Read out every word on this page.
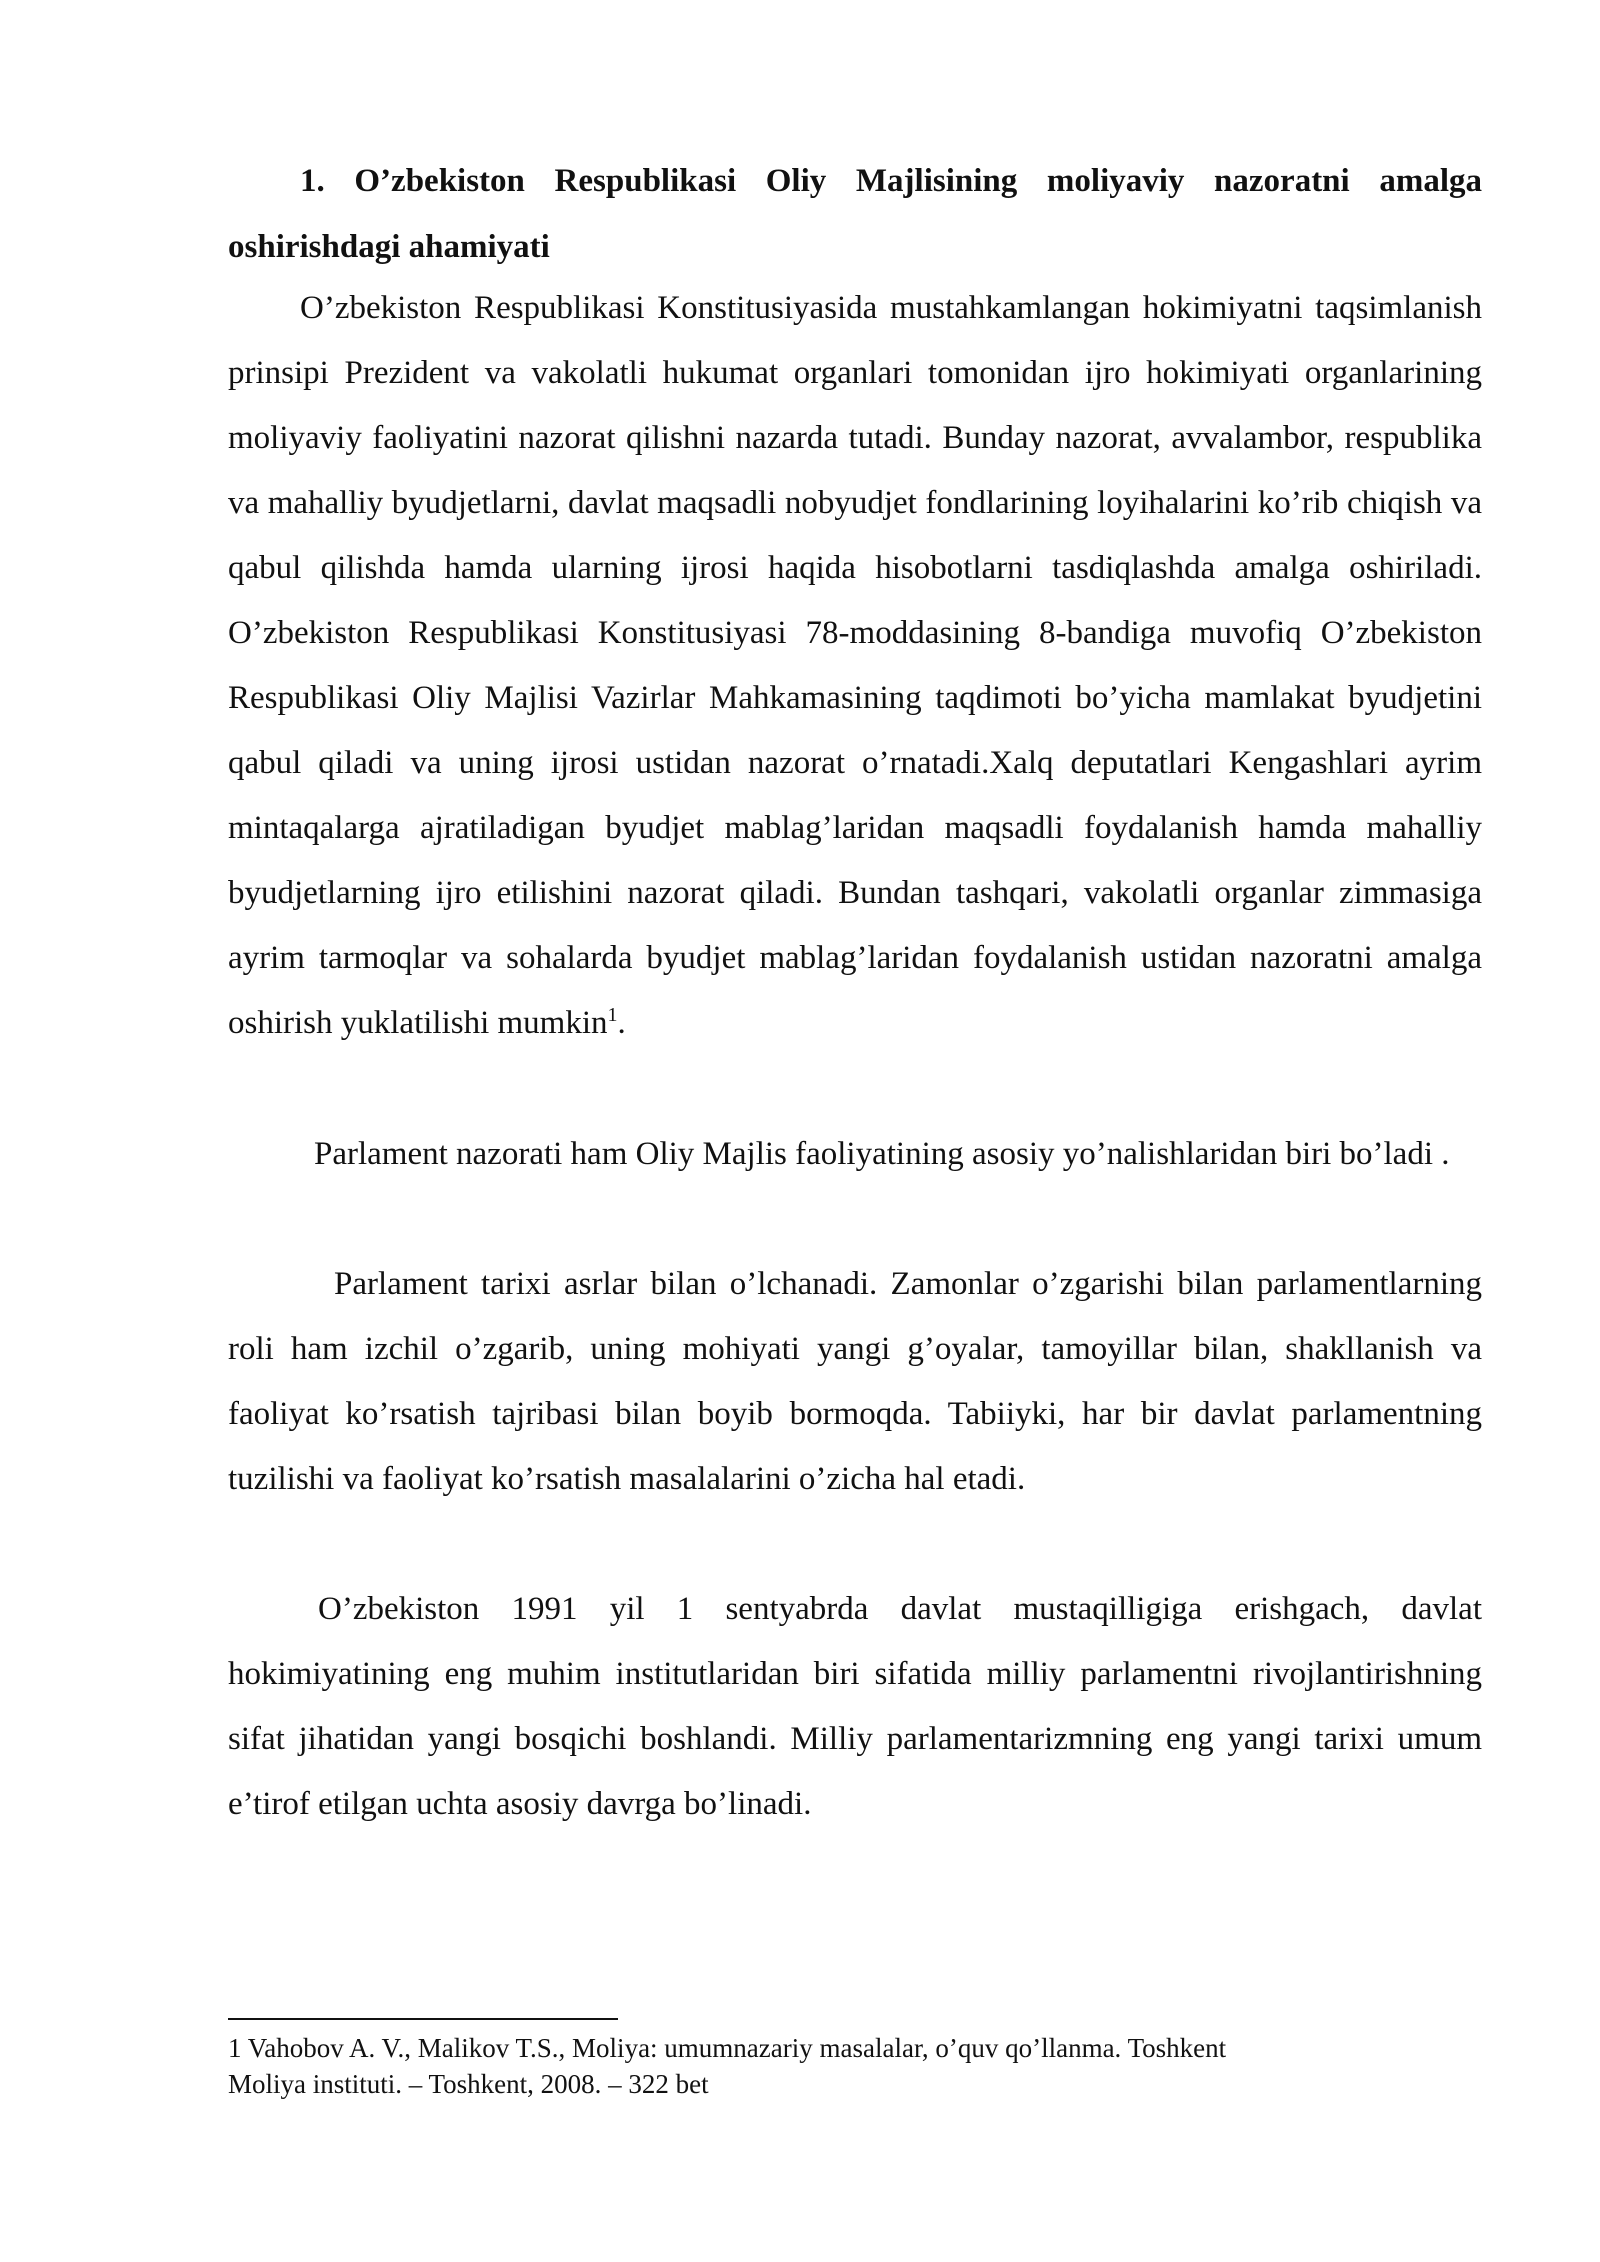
1. O’zbekiston Respublikasi Oliy Majlisining moliyaviy nazoratni amalga oshirishdagi ahamiyati

O’zbekiston Respublikasi Konstitusiyasida mustahkamlangan hokimiyatni taqsimlanish prinsipi Prezident va vakolatli hukumat organlari tomonidan ijro hokimiyati organlarining moliyaviy faoliyatini nazorat qilishni nazarda tutadi. Bunday nazorat, avvalambor, respublika va mahalliy byudjetlarni, davlat maqsadli nobyudjet fondlarining loyihalarini ko’rib chiqish va qabul qilishda hamda ularning ijrosi haqida hisobotlarni tasdiqlashda amalga oshiriladi. O’zbekiston Respublikasi Konstitusiyasi 78-moddasining 8-bandiga muvofiq O’zbekiston Respublikasi Oliy Majlisi Vazirlar Mahkamasining taqdimoti bo’yicha mamlakat byudjetini qabul qiladi va uning ijrosi ustidan nazorat o’rnatadi.Xalq deputatlari Kengashlari ayrim mintaqalarga ajratiladigan byudjet mablag’laridan maqsadli foydalanish hamda mahalliy byudjetlarning ijro etilishini nazorat qiladi. Bundan tashqari, vakolatli organlar zimmasiga ayrim tarmoqlar va sohalarda byudjet mablag’laridan foydalanish ustidan nazoratni amalga oshirish yuklatilishi mumkin$^1$.

Parlament nazorati ham Oliy Majlis faoliyatining asosiy yo’nalishlaridan biri bo’ladi .

Parlament tarixi asrlar bilan o’lchanadi. Zamonlar o’zgarishi bilan parlamentlarning roli ham izchil o’zgarib, uning mohiyati yangi g’oyalar, tamoyillar bilan, shakllanish va faoliyat ko’rsatish tajribasi bilan boyib bormoqda. Tabiiyki, har bir davlat parlamentning tuzilishi va faoliyat ko’rsatish masalalarini o’zicha hal etadi.

O’zbekiston 1991 yil 1 sentyabrda davlat mustaqilligiga erishgach, davlat hokimiyatining eng muhim institutlaridan biri sifatida milliy parlamentni rivojlantirishning sifat jihatidan yangi bosqichi boshlandi. Milliy parlamentarizmning eng yangi tarixi umum e’tirof etilgan uchta asosiy davrga bo’linadi.

1 Vahobov A. V., Malikov T.S., Moliya: umumnazariy masalalar, o’quv qo’llanma. Toshkent
Moliya instituti. – Toshkent, 2008. – 322 bet
